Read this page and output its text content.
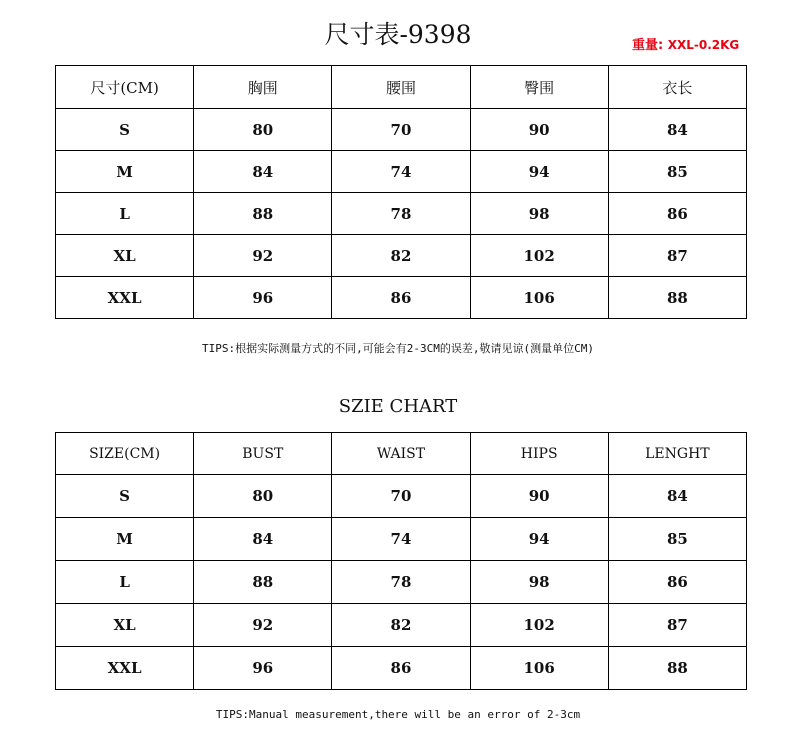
尺寸表-9398	重量: XXL-0.2KG
尺寸(CM)	胸围	腰围	臀围	衣长
S	80	70	90	84
M	84	74	94	85
L	88	78	98	86
XL	92	82	102	87
XXL	96	86	106	88
TIPS:根据实际测量方式的不同,可能会有2-3CM的误差,敬请见谅(测量单位CM)
SZIE CHART
SIZE(CM)	BUST	WAIST	HIPS	LENGHT
S	80	70	90	84
M	84	74	94	85
L	88	78	98	86
XL	92	82	102	87
XXL	96	86	106	88
TIPS:Manual measurement,there will be an error of 2-3cm
